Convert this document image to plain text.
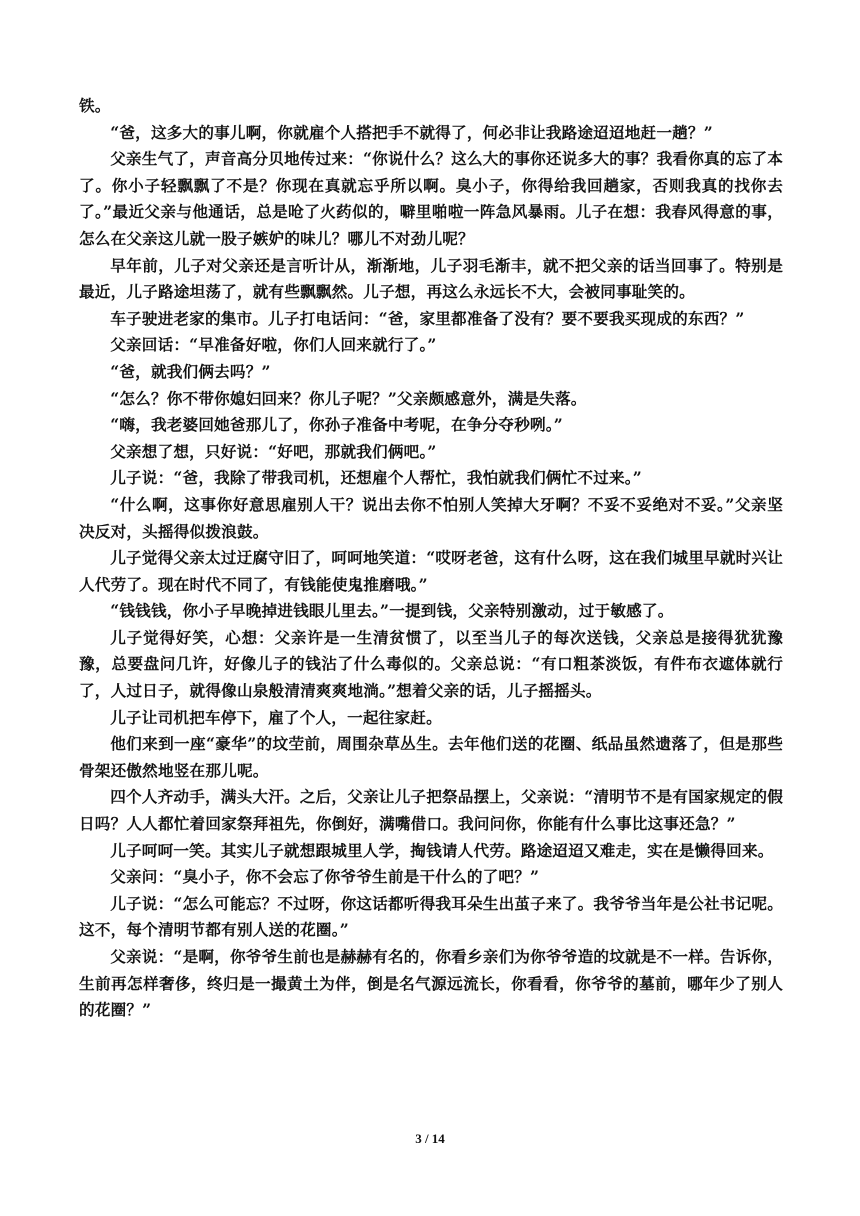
铁。

“爸，这多大的事儿啊，你就雇个人搭把手不就得了，何必非让我路途迢迢地赶一趟？”

父亲生气了，声音高分贝地传过来：“你说什么？这么大的事你还说多大的事？我看你真的忘了本了。你小子轻飘飘了不是？你现在真就忘乎所以啊。臭小子，你得给我回趟家，否则我真的找你去了。”最近父亲与他通话，总是呛了火药似的，噼里啪啦一阵急风暴雨。儿子在想：我春风得意的事，怎么在父亲这儿就一股子嫉妒的味儿？哪儿不对劲儿呢？

早年前，儿子对父亲还是言听计从，渐渐地，儿子羽毛渐丰，就不把父亲的话当回事了。特别是最近，儿子路途坦荡了，就有些飘飘然。儿子想，再这么永远长不大，会被同事耻笑的。

车子驶进老家的集市。儿子打电话问：“爸，家里都准备了没有？要不要我买现成的东西？”

父亲回话：“早准备好啦，你们人回来就行了。”

“爸，就我们俩去吗？”

“怎么？你不带你媳妇回来？你儿子呢？”父亲颇感意外，满是失落。

“嗨，我老婆回她爸那儿了，你孙子准备中考呢，在争分夺秒咧。”

父亲想了想，只好说：“好吧，那就我们俩吧。”

儿子说：“爸，我除了带我司机，还想雇个人帮忙，我怕就我们俩忙不过来。”

“什么啊，这事你好意思雇别人干？说出去你不怕别人笑掉大牙啊？不妥不妥绝对不妥。”父亲坚决反对，头摇得似拨浪鼓。

儿子觉得父亲太过迂腐守旧了，呵呵地笑道：“哎呀老爸，这有什么呀，这在我们城里早就时兴让人代劳了。现在时代不同了，有钱能使鬼推磨哦。”

“钱钱钱，你小子早晚掉进钱眼儿里去。”一提到钱，父亲特别激动，过于敏感了。

儿子觉得好笑，心想：父亲许是一生清贫惯了，以至当儿子的每次送钱，父亲总是接得犹犹豫豫，总要盘问几许，好像儿子的钱沾了什么毒似的。父亲总说：“有口粗茶淡饭，有件布衣遮体就行了，人过日子，就得像山泉般清清爽爽地淌。”想着父亲的话，儿子摇摇头。

儿子让司机把车停下，雇了个人，一起往家赶。

他们来到一座“豪华”的坟茔前，周围杂草丛生。去年他们送的花圈、纸品虽然遗落了，但是那些骨架还傲然地竖在那儿呢。

四个人齐动手，满头大汗。之后，父亲让儿子把祭品摆上，父亲说：“清明节不是有国家规定的假日吗？人人都忙着回家祭拜祖先，你倒好，满嘴借口。我问问你，你能有什么事比这事还急？”

儿子呵呵一笑。其实儿子就想跟城里人学，掏钱请人代劳。路途迢迢又难走，实在是懒得回来。

父亲问：“臭小子，你不会忘了你爷爷生前是干什么的了吧？”

儿子说：“怎么可能忘？不过呀，你这话都听得我耳朵生出茧子来了。我爷爷当年是公社书记呢。这不，每个清明节都有别人送的花圈。”

父亲说：“是啊，你爷爷生前也是赫赫有名的，你看乡亲们为你爷爷造的坟就是不一样。告诉你，生前再怎样奢侈，终归是一撮黄土为伴，倒是名气源远流长，你看看，你爷爷的墓前，哪年少了别人的花圈？”

3 / 14
